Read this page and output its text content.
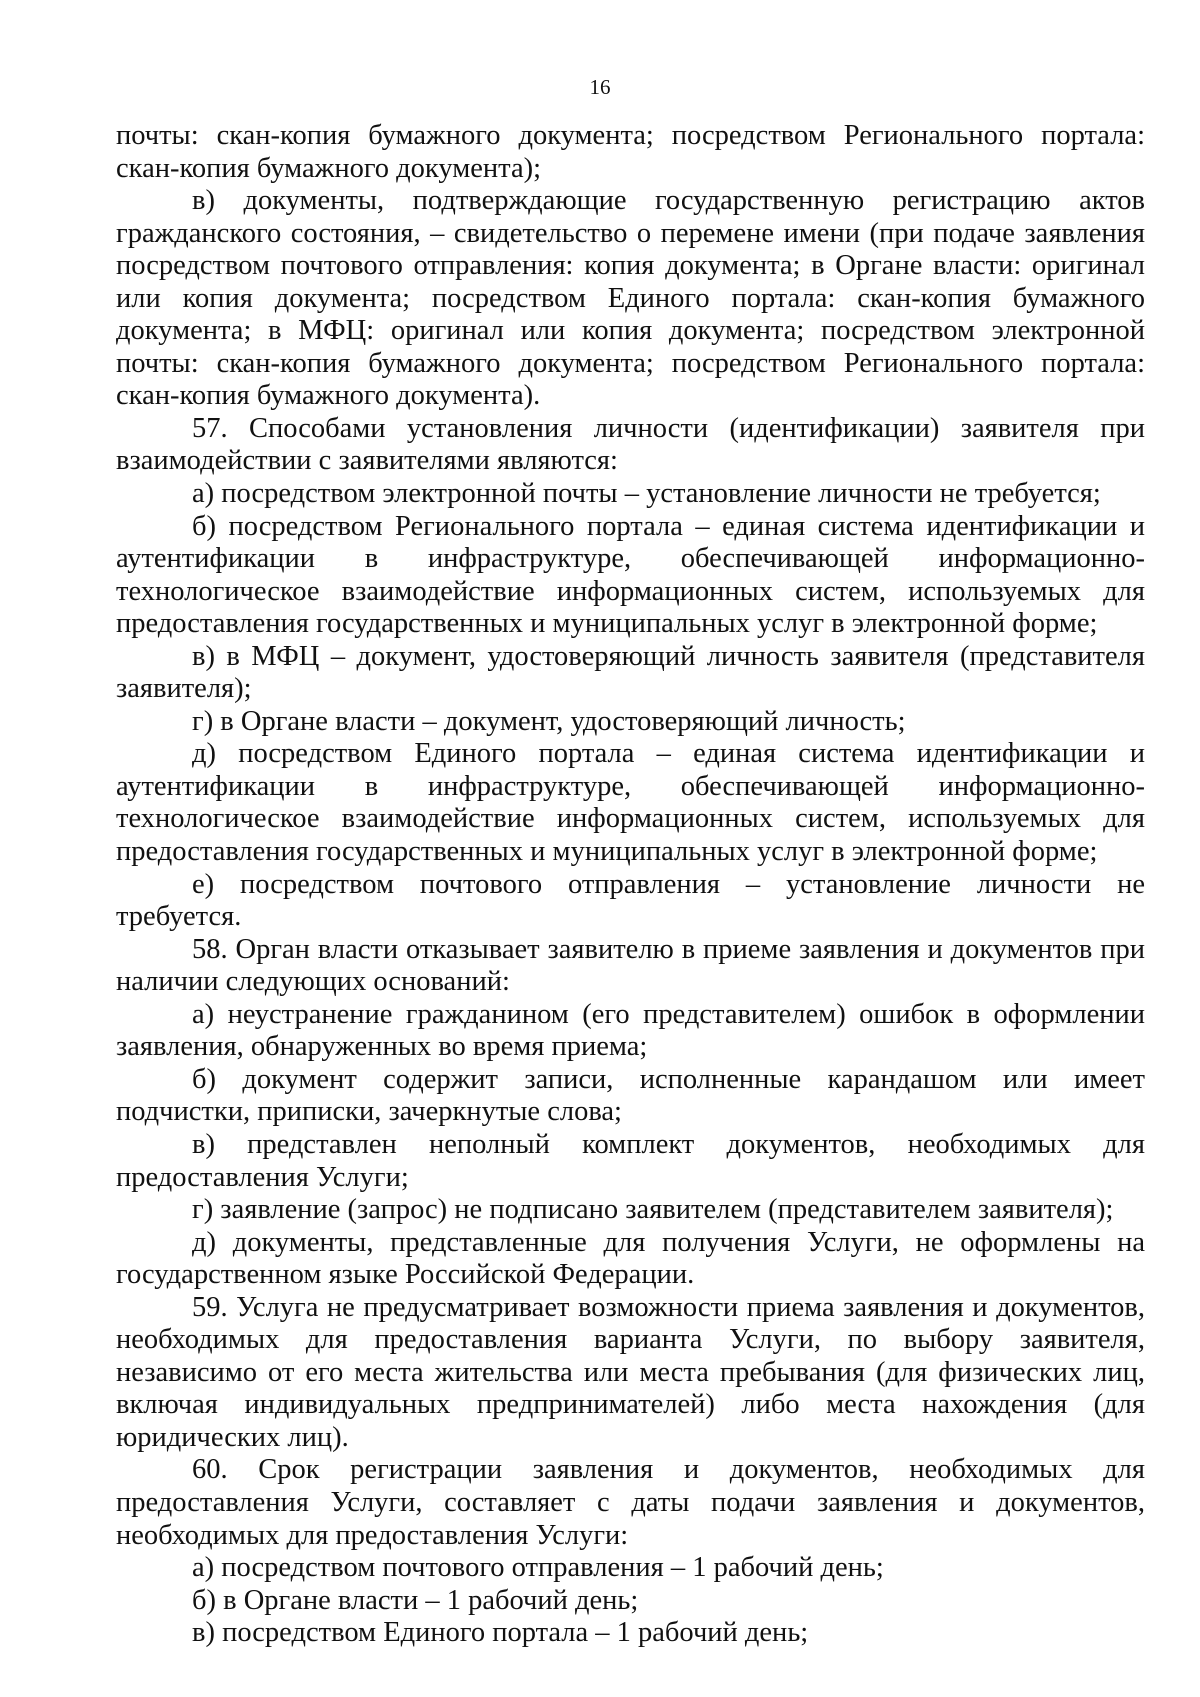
16

почты: скан-копия бумажного документа; посредством Регионального портала: скан-копия бумажного документа);

в) документы, подтверждающие государственную регистрацию актов гражданского состояния, – свидетельство о перемене имени (при подаче заявления посредством почтового отправления: копия документа; в Органе власти: оригинал или копия документа; посредством Единого портала: скан-копия бумажного документа; в МФЦ: оригинал или копия документа; посредством электронной почты: скан-копия бумажного документа; посредством Регионального портала: скан-копия бумажного документа).

57. Способами установления личности (идентификации) заявителя при взаимодействии с заявителями являются:

а) посредством электронной почты – установление личности не требуется;

б) посредством Регионального портала – единая система идентификации и аутентификации в инфраструктуре, обеспечивающей информационно-технологическое взаимодействие информационных систем, используемых для предоставления государственных и муниципальных услуг в электронной форме;

в) в МФЦ – документ, удостоверяющий личность заявителя (представителя заявителя);

г) в Органе власти – документ, удостоверяющий личность;

д) посредством Единого портала – единая система идентификации и аутентификации в инфраструктуре, обеспечивающей информационно-технологическое взаимодействие информационных систем, используемых для предоставления государственных и муниципальных услуг в электронной форме;

е) посредством почтового отправления – установление личности не требуется.

58. Орган власти отказывает заявителю в приеме заявления и документов при наличии следующих оснований:

а) неустранение гражданином (его представителем) ошибок в оформлении заявления, обнаруженных во время приема;

б) документ содержит записи, исполненные карандашом или имеет подчистки, приписки, зачеркнутые слова;

в) представлен неполный комплект документов, необходимых для предоставления Услуги;

г) заявление (запрос) не подписано заявителем (представителем заявителя);

д) документы, представленные для получения Услуги, не оформлены на государственном языке Российской Федерации.

59. Услуга не предусматривает возможности приема заявления и документов, необходимых для предоставления варианта Услуги, по выбору заявителя, независимо от его места жительства или места пребывания (для физических лиц, включая индивидуальных предпринимателей) либо места нахождения (для юридических лиц).

60. Срок регистрации заявления и документов, необходимых для предоставления Услуги, составляет с даты подачи заявления и документов, необходимых для предоставления Услуги:

а) посредством почтового отправления – 1 рабочий день;

б) в Органе власти – 1 рабочий день;

в) посредством Единого портала – 1 рабочий день;
